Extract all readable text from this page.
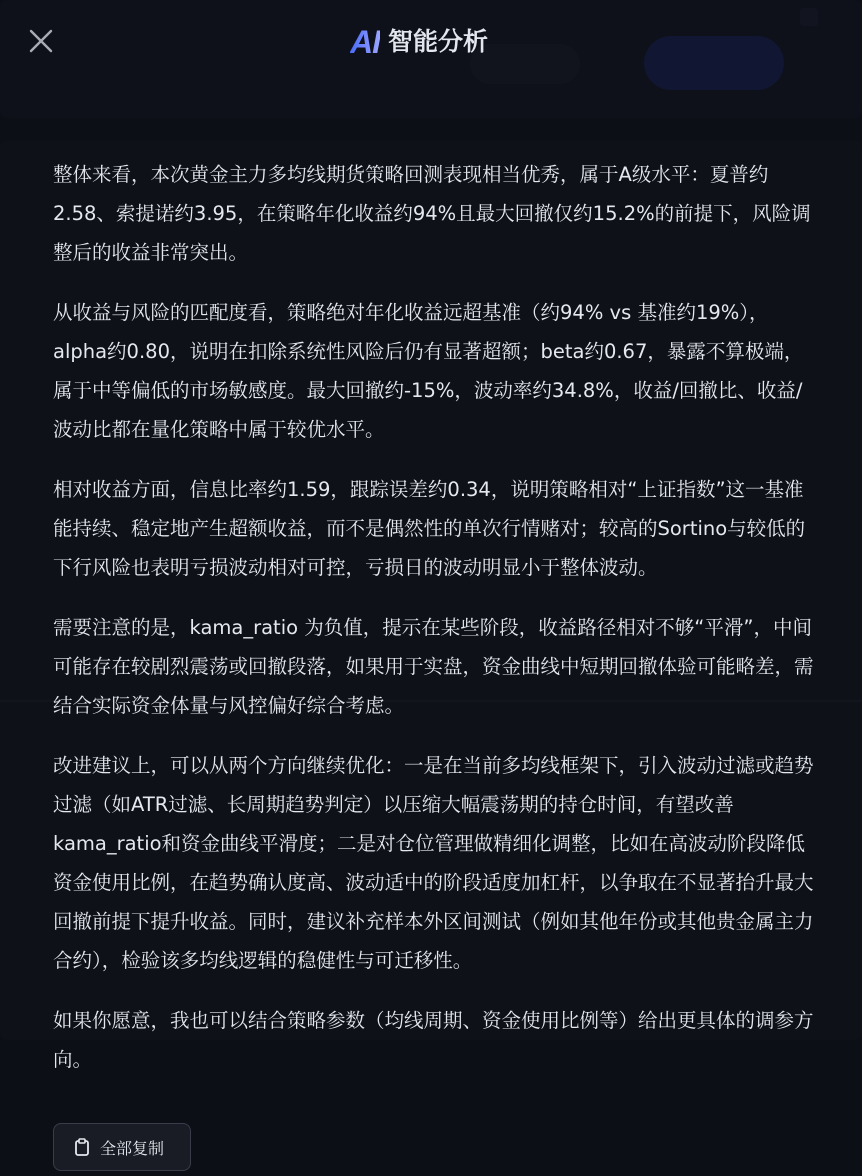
AI 智能分析

整体来看，本次黄金主力多均线期货策略回测表现相当优秀，属于A级水平：夏普约2.58、索提诺约3.95，在策略年化收益约94%且最大回撤仅约15.2%的前提下，风险调整后的收益非常突出。

从收益与风险的匹配度看，策略绝对年化收益远超基准（约94% vs 基准约19%），alpha约0.80，说明在扣除系统性风险后仍有显著超额；beta约0.67，暴露不算极端，属于中等偏低的市场敏感度。最大回撤约-15%，波动率约34.8%，收益/回撤比、收益/波动比都在量化策略中属于较优水平。

相对收益方面，信息比率约1.59，跟踪误差约0.34，说明策略相对“上证指数”这一基准能持续、稳定地产生超额收益，而不是偶然性的单次行情赌对；较高的Sortino与较低的下行风险也表明亏损波动相对可控，亏损日的波动明显小于整体波动。

需要注意的是，kama_ratio 为负值，提示在某些阶段，收益路径相对不够“平滑”，中间可能存在较剧烈震荡或回撤段落，如果用于实盘，资金曲线中短期回撤体验可能略差，需结合实际资金体量与风控偏好综合考虑。

改进建议上，可以从两个方向继续优化：一是在当前多均线框架下，引入波动过滤或趋势过滤（如ATR过滤、长周期趋势判定）以压缩大幅震荡期的持仓时间，有望改善kama_ratio和资金曲线平滑度；二是对仓位管理做精细化调整，比如在高波动阶段降低资金使用比例，在趋势确认度高、波动适中的阶段适度加杠杆，以争取在不显著抬升最大回撤前提下提升收益。同时，建议补充样本外区间测试（例如其他年份或其他贵金属主力合约），检验该多均线逻辑的稳健性与可迁移性。

如果你愿意，我也可以结合策略参数（均线周期、资金使用比例等）给出更具体的调参方向。

全部复制
